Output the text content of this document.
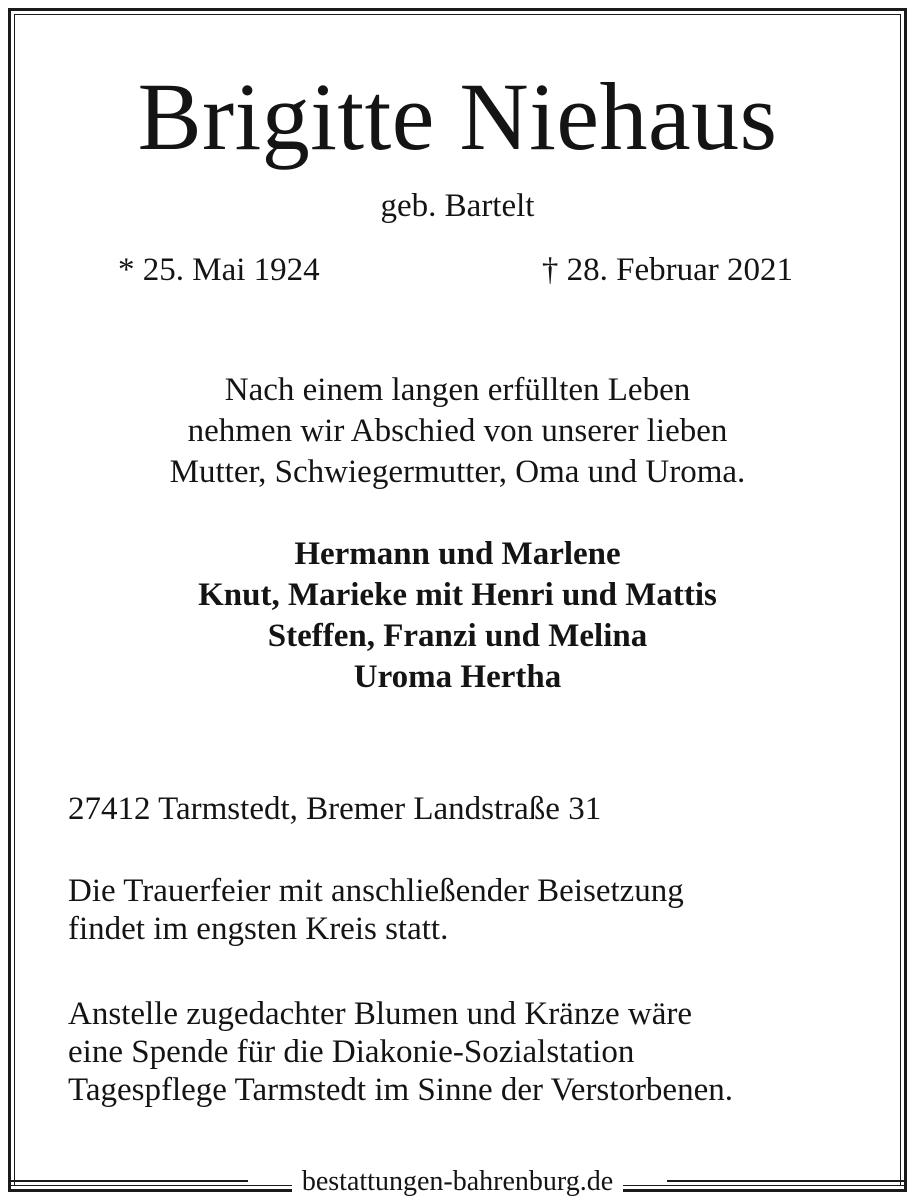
Brigitte Niehaus
geb. Bartelt
* 25. Mai 1924	† 28. Februar 2021
Nach einem langen erfüllten Leben
nehmen wir Abschied von unserer lieben
Mutter, Schwiegermutter, Oma und Uroma.
Hermann und Marlene
Knut, Marieke mit Henri und Mattis
Steffen, Franzi und Melina
Uroma Hertha
27412 Tarmstedt, Bremer Landstraße 31
Die Trauerfeier mit anschließender Beisetzung
findet im engsten Kreis statt.
Anstelle zugedachter Blumen und Kränze wäre
eine Spende für die Diakonie-Sozialstation
Tagespflege Tarmstedt im Sinne der Verstorbenen.
bestattungen-bahrenburg.de
